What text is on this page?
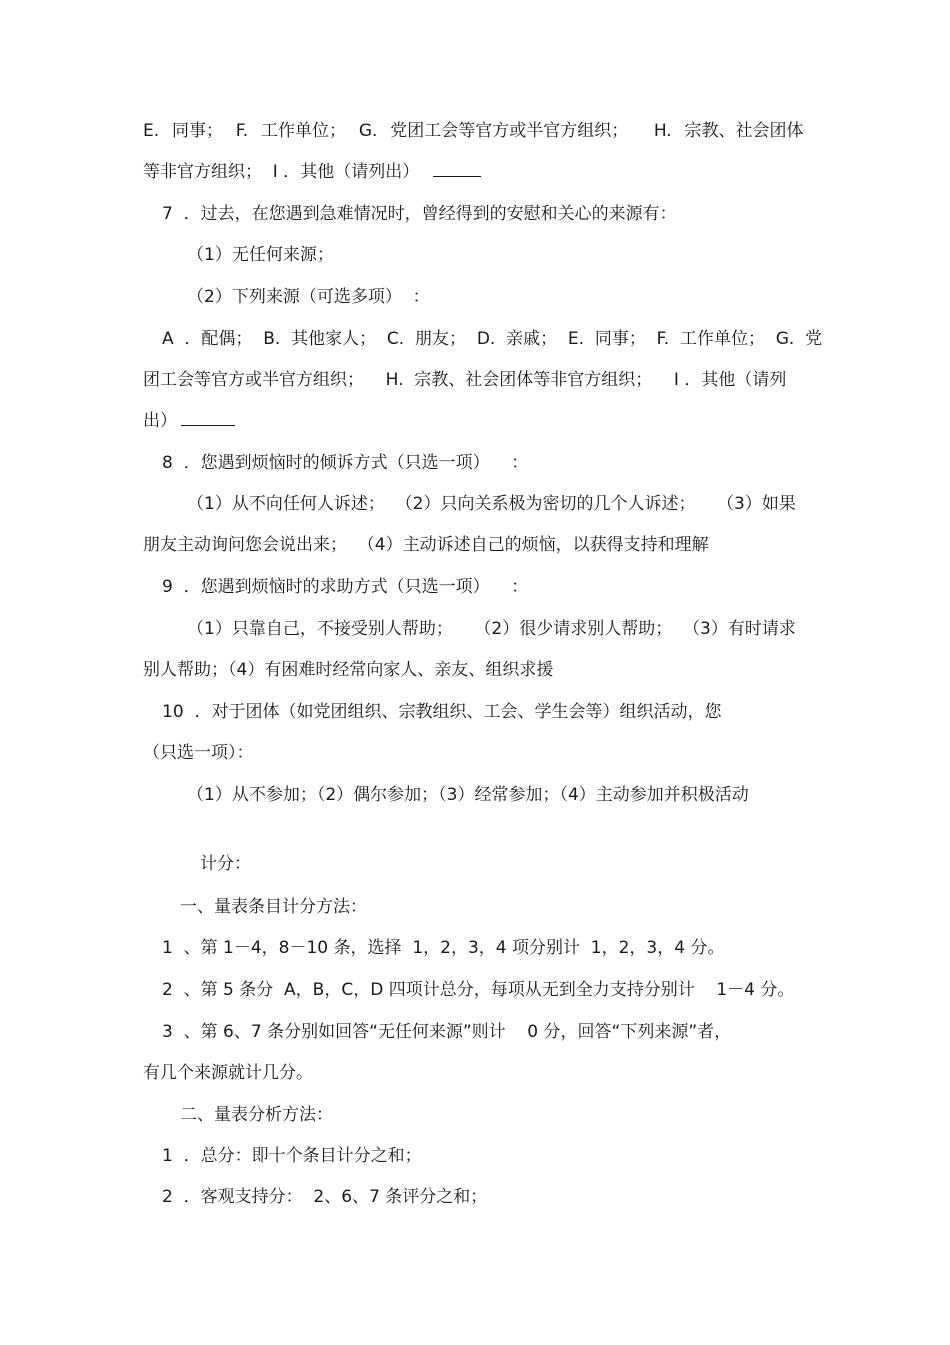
E.  同事；  F.  工作单位；  G.  党团工会等官方或半官方组织；    H.  宗教、社会团体
等非官方组织；  I ．其他（请列出）
7  ．过去，在您遇到急难情况时，曾经得到的安慰和关心的来源有：
（1）无任何来源；
（2）下列来源（可选多项）  ：
A  ．配偶；  B.  其他家人；  C.  朋友；  D.  亲戚；  E.  同事；  F.  工作单位；  G.  党
团工会等官方或半官方组织；    H.  宗教、社会团体等非官方组织；    I ．其他（请列
出）
8  ．您遇到烦恼时的倾诉方式（只选一项）    ：
（1）从不向任何人诉述；  （2）只向关系极为密切的几个人诉述；    （3）如果
朋友主动询问您会说出来；  （4）主动诉述自己的烦恼，以获得支持和理解
9  ．您遇到烦恼时的求助方式（只选一项）    ：
（1）只靠自己，不接受别人帮助；    （2）很少请求别人帮助；  （3）有时请求
别人帮助；（4）有困难时经常向家人、亲友、组织求援
10  ．对于团体（如党团组织、宗教组织、工会、学生会等）组织活动，您
（只选一项）：
（1）从不参加；（2）偶尔参加；（3）经常参加；（4）主动参加并积极活动
计分：
一、量表条目计分方法：
1  、第 1－4，8－10 条，选择  1，2，3，4 项分别计  1，2，3，4 分。
2  、第 5 条分  A，B，C，D 四项计总分，每项从无到全力支持分别计    1－4 分。
3  、第 6、7 条分别如回答“无任何来源”则计    0 分，回答“下列来源”者，
有几个来源就计几分。
二、量表分析方法：
1  ．总分：即十个条目计分之和；
2  ．客观支持分：  2、6、7 条评分之和；
